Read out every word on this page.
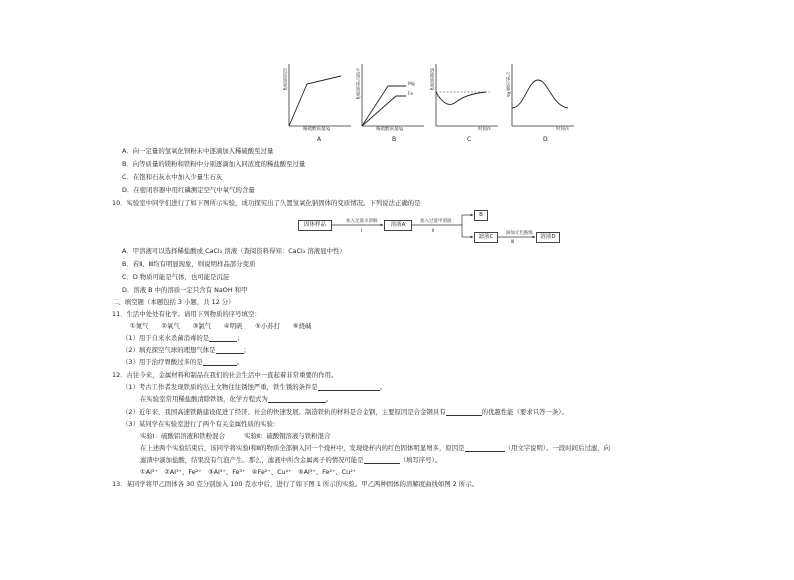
沉淀质量/g
稀硫酸质量/g
A
生成气体质量/g	Mg
Fe
稀硫酸质量/g
B
溶液质量/g
时间/s
C
气体压强/Pa
时间/s
D
A．向一定量的氢氧化钡粉末中逐滴加入稀硫酸至过量
B．向等质量的镁粉和铁粉中分别逐滴加入同浓度的稀盐酸至过量
C．在饱和石灰水中加入少量生石灰
D．在密闭容器中用红磷测定空气中氧气的含量
10．实验室中同学们进行了如下图所示实验，成功探究出了久置氢氧化钠固体的变质情况。下列说法正确的是
固体样品
加入足量水溶解
Ⅰ
溶液A
加入过量甲溶液
Ⅱ
B
滤液C
滴加无色酚酞
Ⅲ
溶液D
A．甲溶液可以选择稀盐酸或 CaCl₂ 溶液（查阅资料得知：CaCl₂ 溶液显中性）
B．若Ⅱ、Ⅲ均有明显现象，则说明样品部分变质
C．D 物质可能是气体，也可能是沉淀
D．溶液 B 中的溶质一定只含有 NaOH 和甲
二、填空题（本题包括 3 小题，共 12 分）
11．生活中处处有化学。请用下列物质的序号填空：
①氮气　　②氧气　　③氯气　　④明矾　　⑤小苏打　　⑥烧碱
（1）用于自来水杀菌消毒的是	；
（2）填充探空气球的理想气体是	；
（3）用于治疗胃酸过多的是	。
12．古往今来，金属材料和制品在我们的社会生活中一直起着非常重要的作用。
（1）考古工作者发现铁质的出土文物往往锈蚀严重，铁生锈的条件是	。
在实验室常用稀盐酸清除铁锈，化学方程式为	。
（2）近年来，我国高速铁路建设促进了经济、社会的快速发展。制造铁轨的材料是合金钢，主要原因是合金钢具有	的优越性能（要求只答一条）。
（3）某同学在实验室进行了两个有关金属性质的实验：
实验Ⅰ：硫酸铝溶液和铁粉混合　　　实验Ⅱ：硫酸铜溶液与铁粉混合
在上述两个实验结束后，该同学将实验Ⅰ和Ⅱ的物质全部倒入同一个烧杯中，发现烧杯内的红色固体明显增多，原因是	（用文字说明）。一段时间后过滤，向
滤渣中滴加盐酸，结果没有气泡产生。那么，滤液中所含金属离子的情况可能是	（填写序号）。
①Al³⁺　②Al³⁺、Fe²⁺　③Al³⁺、Fe³⁺　④Fe²⁺、Cu²⁺　⑤Al³⁺、Fe²⁺、Cu²⁺
13．某同学将甲乙固体各 30 克分别加入 100 克水中后，进行了如下图 1 所示的实验。甲乙两种固体的溶解度曲线如图 2 所示。
